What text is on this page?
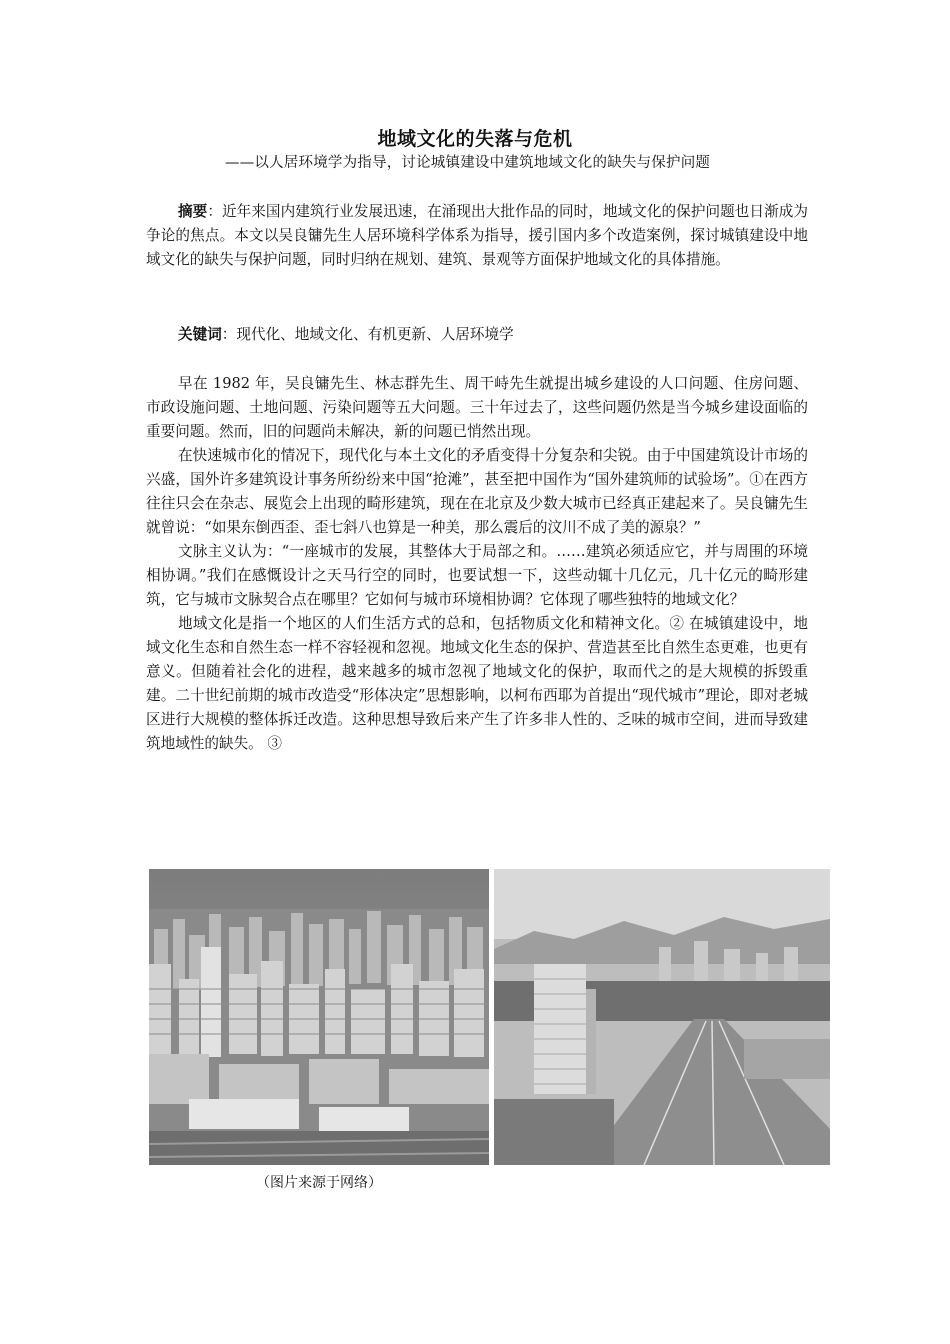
地域文化的失落与危机
——以人居环境学为指导，讨论城镇建设中建筑地域文化的缺失与保护问题

摘要：近年来国内建筑行业发展迅速，在涌现出大批作品的同时，地域文化的保护问题也日渐成为争论的焦点。本文以吴良镛先生人居环境科学体系为指导，援引国内多个改造案例，探讨城镇建设中地域文化的缺失与保护问题，同时归纳在规划、建筑、景观等方面保护地域文化的具体措施。

关键词：现代化、地域文化、有机更新、人居环境学

早在 1982 年，吴良镛先生、林志群先生、周干峙先生就提出城乡建设的人口问题、住房问题、市政设施问题、土地问题、污染问题等五大问题。三十年过去了，这些问题仍然是当今城乡建设面临的重要问题。然而，旧的问题尚未解决，新的问题已悄然出现。

在快速城市化的情况下，现代化与本土文化的矛盾变得十分复杂和尖锐。由于中国建筑设计市场的兴盛，国外许多建筑设计事务所纷纷来中国“抢滩”，甚至把中国作为“国外建筑师的试验场”。①在西方往往只会在杂志、展览会上出现的畸形建筑，现在在北京及少数大城市已经真正建起来了。吴良镛先生就曾说：“如果东倒西歪、歪七斜八也算是一种美，那么震后的汶川不成了美的源泉？”

文脉主义认为：“一座城市的发展，其整体大于局部之和。……建筑必须适应它，并与周围的环境相协调。”我们在感慨设计之天马行空的同时，也要试想一下，这些动辄十几亿元，几十亿元的畸形建筑，它与城市文脉契合点在哪里？它如何与城市环境相协调？它体现了哪些独特的地域文化？

地域文化是指一个地区的人们生活方式的总和，包括物质文化和精神文化。② 在城镇建设中，地域文化生态和自然生态一样不容轻视和忽视。地域文化生态的保护、营造甚至比自然生态更难，也更有意义。但随着社会化的进程，越来越多的城市忽视了地域文化的保护，取而代之的是大规模的拆毁重建。二十世纪前期的城市改造受“形体决定”思想影响，以柯布西耶为首提出“现代城市”理论，即对老城区进行大规模的整体拆迁改造。这种思想导致后来产生了许多非人性的、乏味的城市空间，进而导致建筑地域性的缺失。 ③

（图片来源于网络）
